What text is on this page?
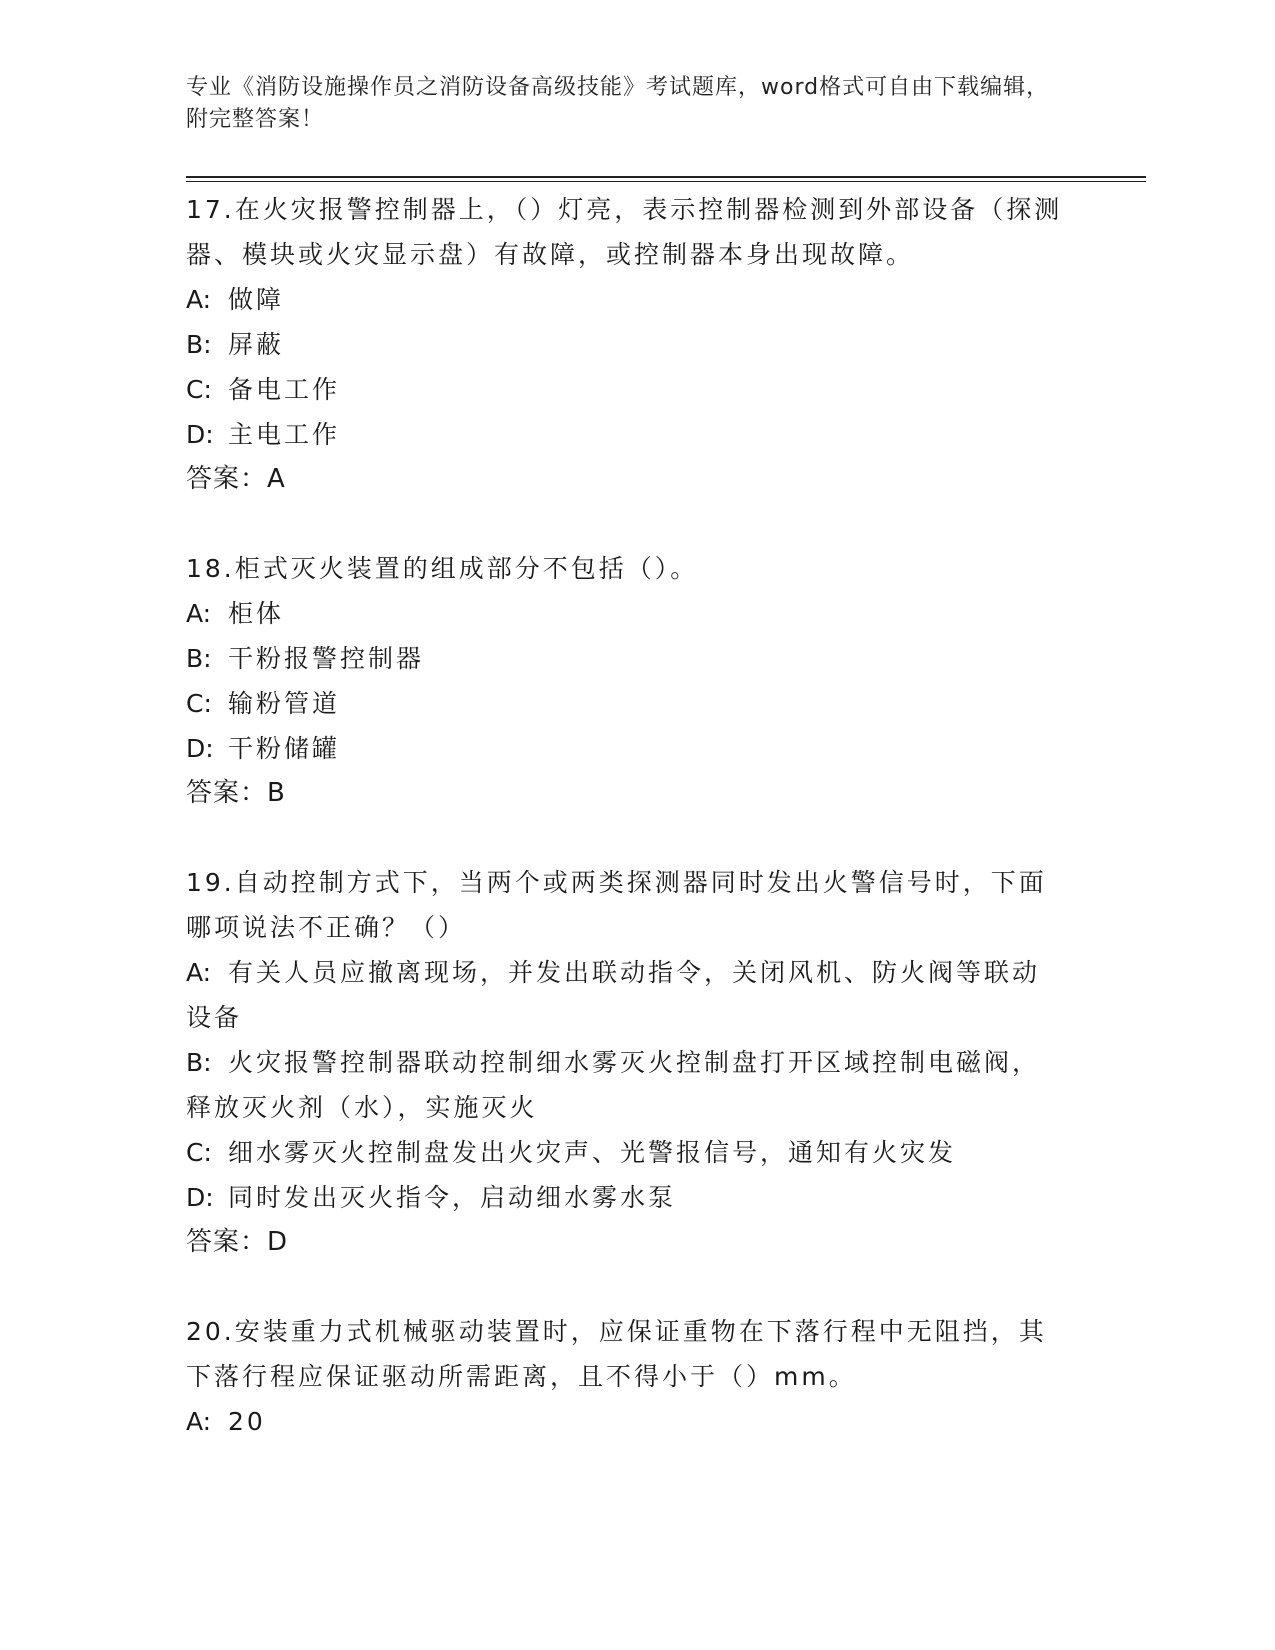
专业《消防设施操作员之消防设备高级技能》考试题库，word格式可自由下载编辑，附完整答案！

17.在火灾报警控制器上，（）灯亮，表示控制器检测到外部设备（探测器、模块或火灾显示盘）有故障，或控制器本身出现故障。

A: 做障

B: 屏蔽

C: 备电工作

D: 主电工作

答案：A

18.柜式灭火装置的组成部分不包括（）。

A: 柜体

B: 干粉报警控制器

C: 输粉管道

D: 干粉储罐

答案：B

19.自动控制方式下，当两个或两类探测器同时发出火警信号时，下面哪项说法不正确？（）

A: 有关人员应撤离现场，并发出联动指令，关闭风机、防火阀等联动设备

B: 火灾报警控制器联动控制细水雾灭火控制盘打开区域控制电磁阀，释放灭火剂（水），实施灭火

C: 细水雾灭火控制盘发出火灾声、光警报信号，通知有火灾发

D: 同时发出灭火指令，启动细水雾水泵

答案：D

20.安装重力式机械驱动装置时，应保证重物在下落行程中无阻挡，其下落行程应保证驱动所需距离，且不得小于（）mm。

A: 20
